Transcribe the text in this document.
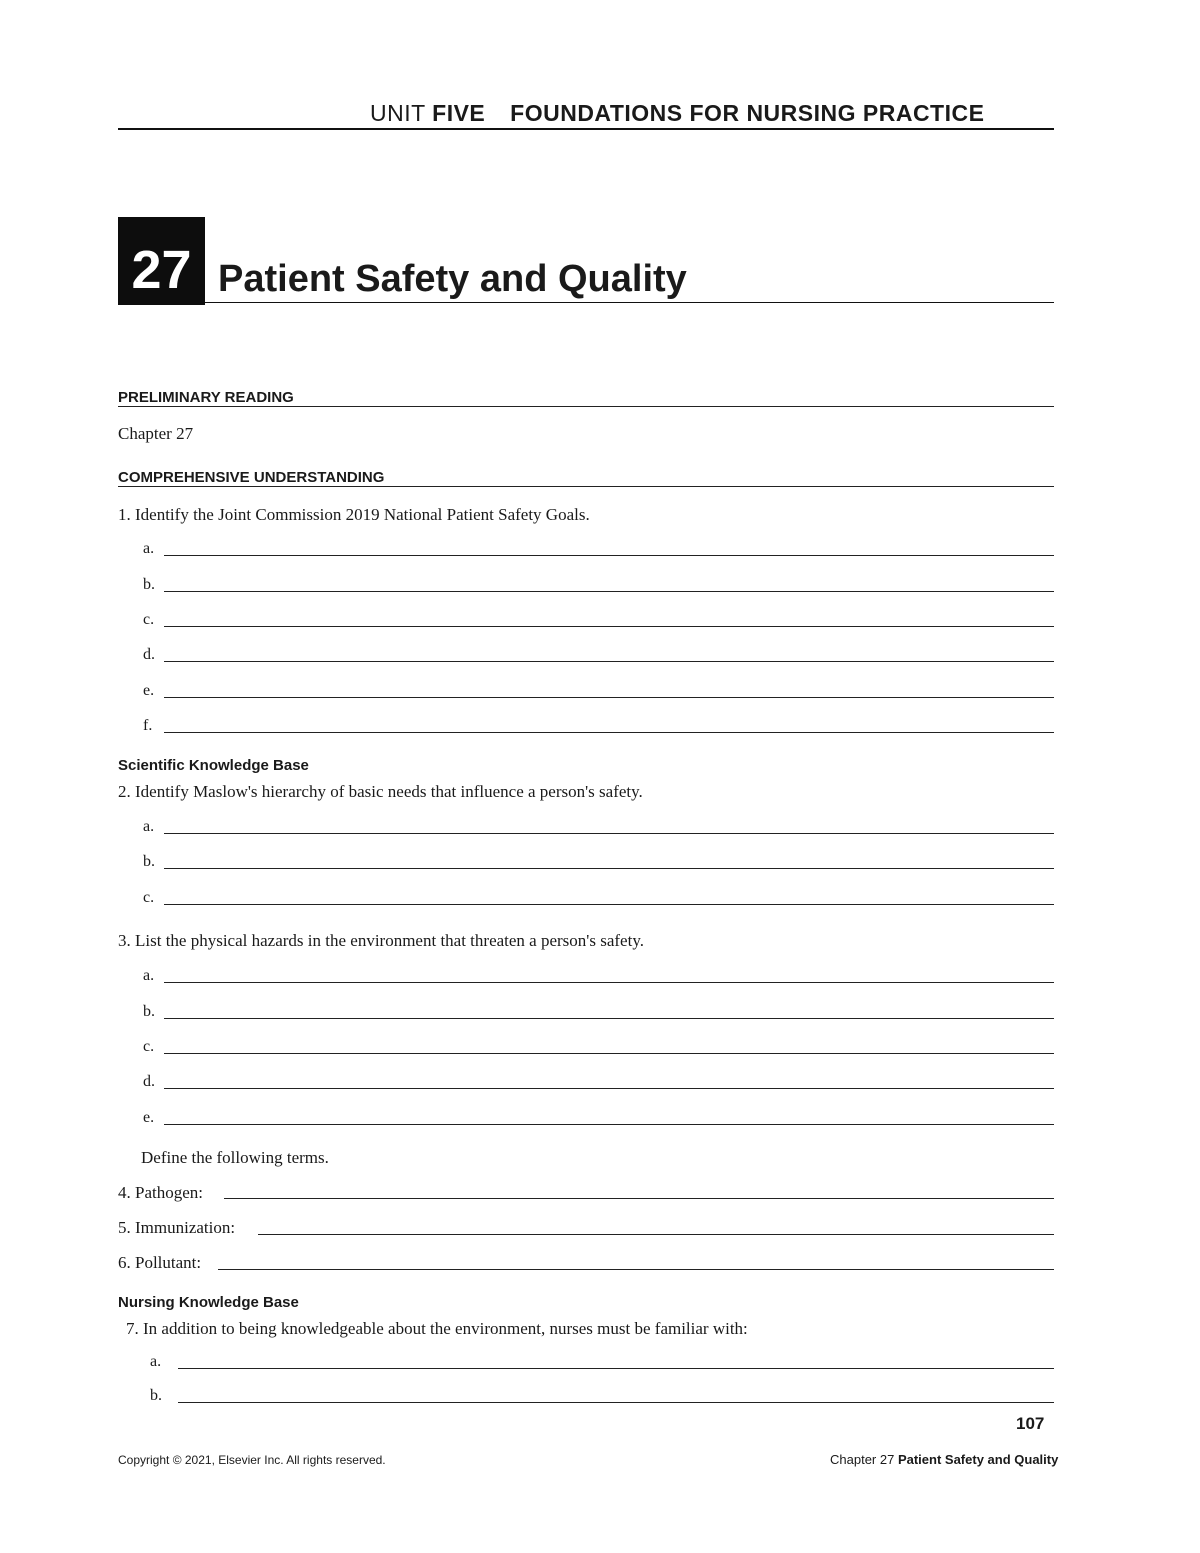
UNIT FIVE FOUNDATIONS FOR NURSING PRACTICE
27 Patient Safety and Quality
PRELIMINARY READING
Chapter 27
COMPREHENSIVE UNDERSTANDING
1. Identify the Joint Commission 2019 National Patient Safety Goals.
a.
b.
c.
d.
e.
f.
Scientific Knowledge Base
2. Identify Maslow's hierarchy of basic needs that influence a person's safety.
a.
b.
c.
3. List the physical hazards in the environment that threaten a person's safety.
a.
b.
c.
d.
e.
Define the following terms.
4. Pathogen:
5. Immunization:
6. Pollutant:
Nursing Knowledge Base
7. In addition to being knowledgeable about the environment, nurses must be familiar with:
a.
b.
107
Copyright © 2021, Elsevier Inc. All rights reserved.	Chapter 27 Patient Safety and Quality
